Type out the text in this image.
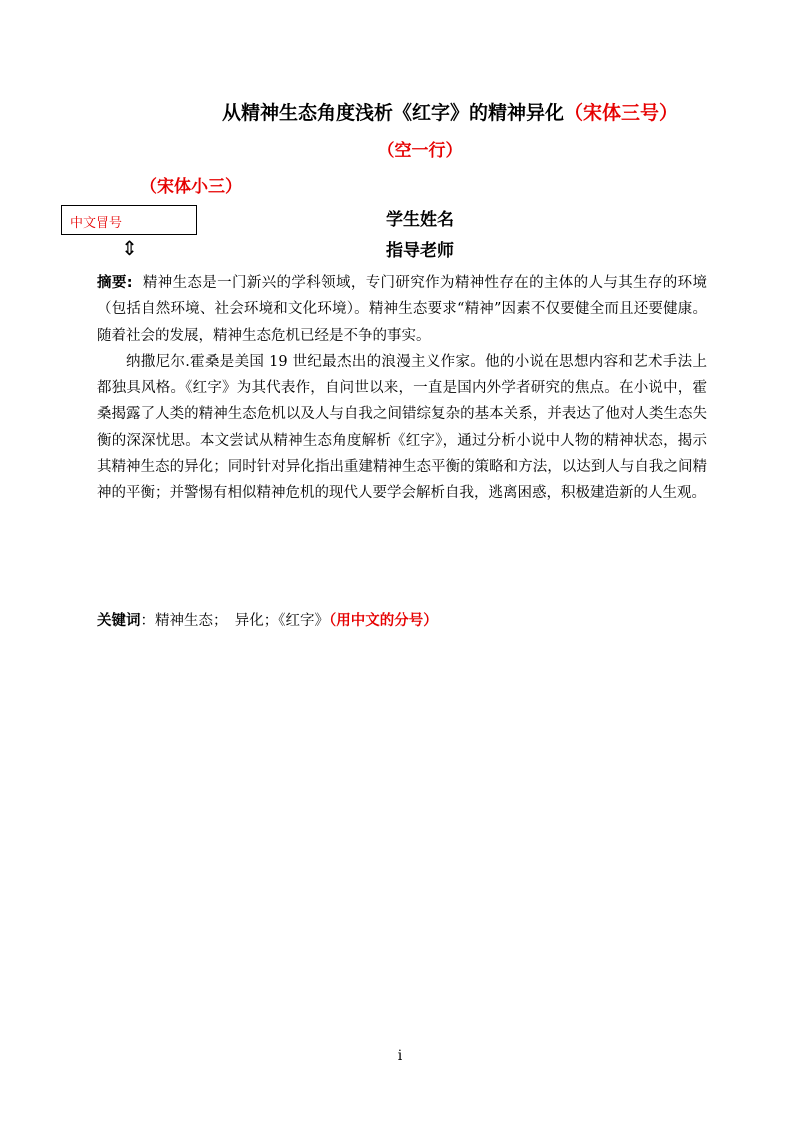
从精神生态角度浅析《红字》的精神异化（宋体三号）
（空一行）
（宋体小三）
中文冒号
⇕
学生姓名
指导老师

摘要: 精神生态是一门新兴的学科领域，专门研究作为精神性存在的主体的人与其生存的环境（包括自然环境、社会环境和文化环境）。精神生态要求“精神”因素不仅要健全而且还要健康。随着社会的发展，精神生态危机已经是不争的事实。

纳撒尼尔.霍桑是美国 19 世纪最杰出的浪漫主义作家。他的小说在思想内容和艺术手法上都独具风格。《红字》为其代表作，自问世以来，一直是国内外学者研究的焦点。在小说中，霍桑揭露了人类的精神生态危机以及人与自我之间错综复杂的基本关系，并表达了他对人类生态失衡的深深忧思。本文尝试从精神生态角度解析《红字》，通过分析小说中人物的精神状态，揭示其精神生态的异化；同时针对异化指出重建精神生态平衡的策略和方法，以达到人与自我之间精神的平衡；并警惕有相似精神危机的现代人要学会解析自我，逃离困惑，积极建造新的人生观。

关键词：精神生态；　异化；《红字》（用中文的分号）
i
